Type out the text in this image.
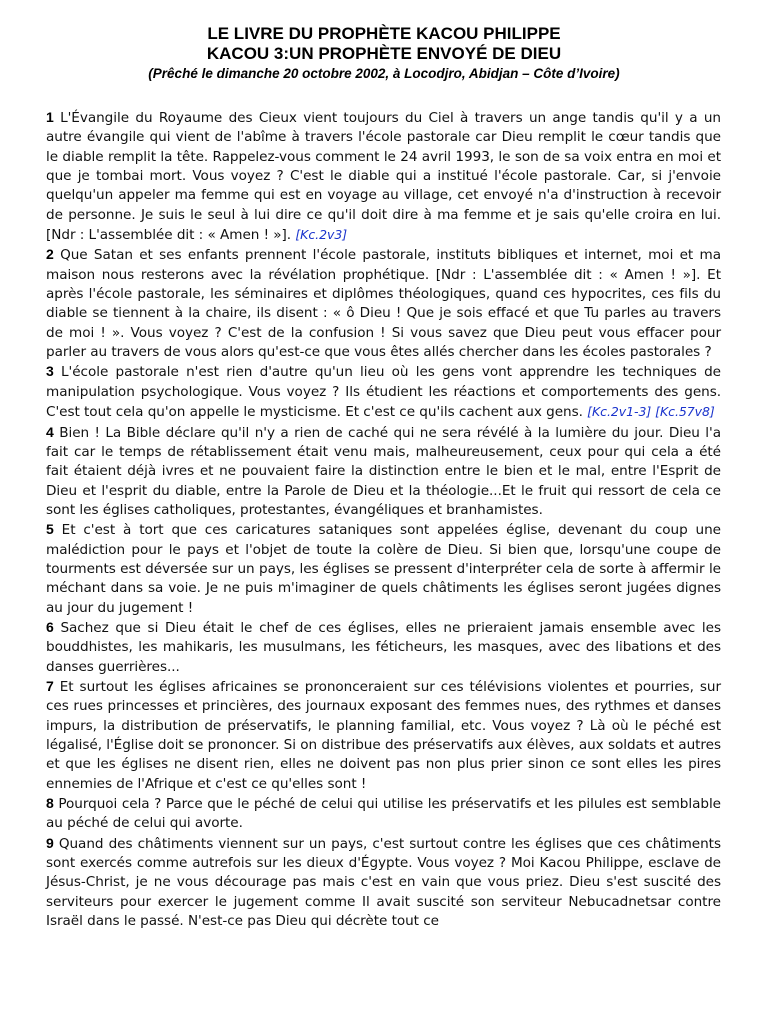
LE LIVRE DU PROPHÈTE KACOU PHILIPPE
KACOU 3:UN PROPHÈTE ENVOYÉ DE DIEU
(Prêché le dimanche 20 octobre 2002, à Locodjro, Abidjan – Côte d’Ivoire)

1 L'Évangile du Royaume des Cieux vient toujours du Ciel à travers un ange tandis qu'il y a un autre évangile qui vient de l'abîme à travers l'école pastorale car Dieu remplit le cœur tandis que le diable remplit la tête. Rappelez-vous comment le 24 avril 1993, le son de sa voix entra en moi et que je tombai mort. Vous voyez ? C'est le diable qui a institué l'école pastorale. Car, si j'envoie quelqu'un appeler ma femme qui est en voyage au village, cet envoyé n'a d'instruction à recevoir de personne. Je suis le seul à lui dire ce qu'il doit dire à ma femme et je sais qu'elle croira en lui. [Ndr : L'assemblée dit : « Amen ! »]. [Kc.2v3]

2 Que Satan et ses enfants prennent l'école pastorale, instituts bibliques et internet, moi et ma maison nous resterons avec la révélation prophétique. [Ndr : L'assemblée dit : « Amen ! »]. Et après l'école pastorale, les séminaires et diplômes théologiques, quand ces hypocrites, ces fils du diable se tiennent à la chaire, ils disent : « ô Dieu ! Que je sois effacé et que Tu parles au travers de moi ! ». Vous voyez ? C'est de la confusion ! Si vous savez que Dieu peut vous effacer pour parler au travers de vous alors qu'est-ce que vous êtes allés chercher dans les écoles pastorales ?

3 L'école pastorale n'est rien d'autre qu'un lieu où les gens vont apprendre les techniques de manipulation psychologique. Vous voyez ? Ils étudient les réactions et comportements des gens. C'est tout cela qu'on appelle le mysticisme. Et c'est ce qu'ils cachent aux gens. [Kc.2v1-3] [Kc.57v8]

4 Bien ! La Bible déclare qu'il n'y a rien de caché qui ne sera révélé à la lumière du jour. Dieu l'a fait car le temps de rétablissement était venu mais, malheureusement, ceux pour qui cela a été fait étaient déjà ivres et ne pouvaient faire la distinction entre le bien et le mal, entre l'Esprit de Dieu et l'esprit du diable, entre la Parole de Dieu et la théologie...Et le fruit qui ressort de cela ce sont les églises catholiques, protestantes, évangéliques et branhamistes.

5 Et c'est à tort que ces caricatures sataniques sont appelées église, devenant du coup une malédiction pour le pays et l'objet de toute la colère de Dieu. Si bien que, lorsqu'une coupe de tourments est déversée sur un pays, les églises se pressent d'interpréter cela de sorte à affermir le méchant dans sa voie. Je ne puis m'imaginer de quels châtiments les églises seront jugées dignes au jour du jugement !

6 Sachez que si Dieu était le chef de ces églises, elles ne prieraient jamais ensemble avec les bouddhistes, les mahikaris, les musulmans, les féticheurs, les masques, avec des libations et des danses guerrières...

7 Et surtout les églises africaines se prononceraient sur ces télévisions violentes et pourries, sur ces rues princesses et princières, des journaux exposant des femmes nues, des rythmes et danses impurs, la distribution de préservatifs, le planning familial, etc. Vous voyez ? Là où le péché est légalisé, l'Église doit se prononcer. Si on distribue des préservatifs aux élèves, aux soldats et autres et que les églises ne disent rien, elles ne doivent pas non plus prier sinon ce sont elles les pires ennemies de l'Afrique et c'est ce qu'elles sont !

8 Pourquoi cela ? Parce que le péché de celui qui utilise les préservatifs et les pilules est semblable au péché de celui qui avorte.

9 Quand des châtiments viennent sur un pays, c'est surtout contre les églises que ces châtiments sont exercés comme autrefois sur les dieux d'Égypte. Vous voyez ? Moi Kacou Philippe, esclave de Jésus-Christ, je ne vous décourage pas mais c'est en vain que vous priez. Dieu s'est suscité des serviteurs pour exercer le jugement comme Il avait suscité son serviteur Nebucadnetsar contre Israël dans le passé. N'est-ce pas Dieu qui décrète tout ce
